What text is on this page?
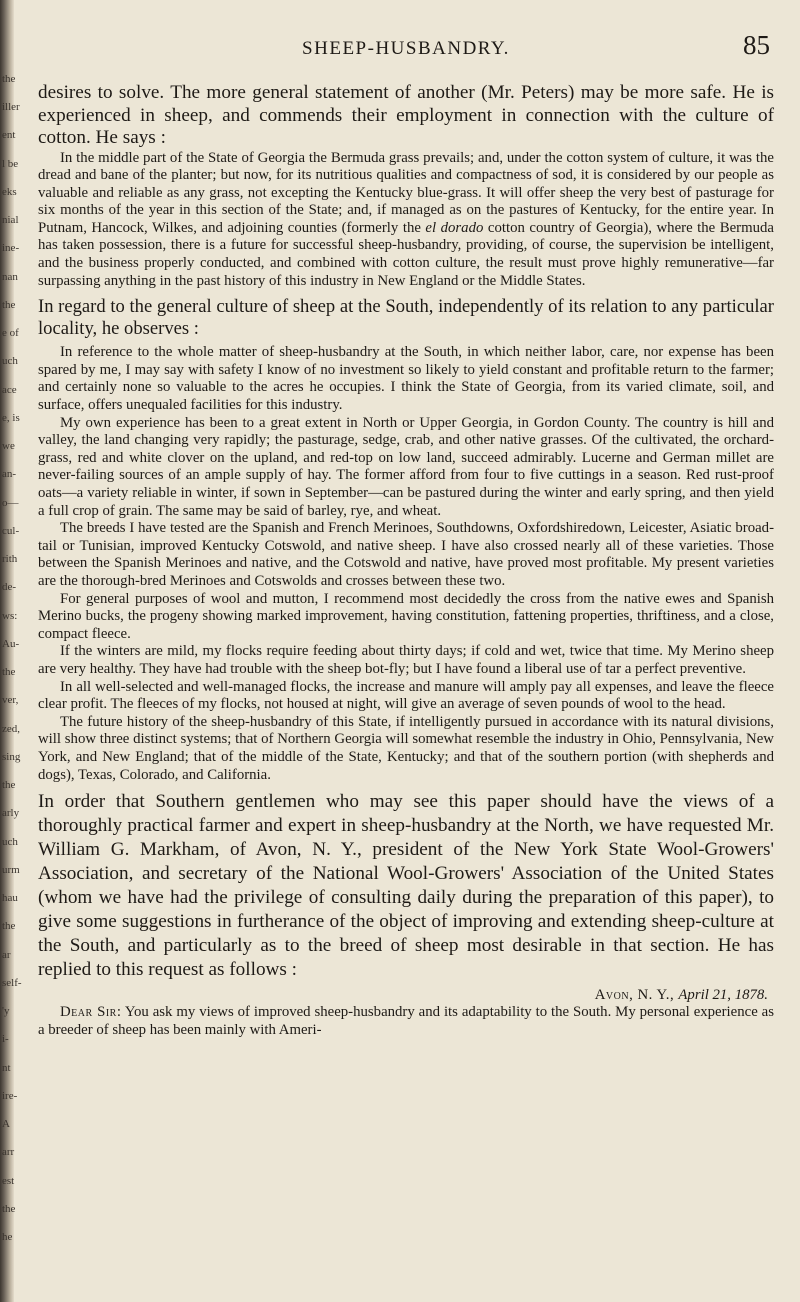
the
iller
ent
l be
eks
nial
ine-
nan
the
e of
uch
ace
e, is
we
an-
o—
cul-
rith
de-
ws:
Au-
the
ver,
zed,
sing
the
arly
uch
urm
hau
the
ar
self-
'y
i-
nt
ire-
A
arr
est
the
he
SHEEP-HUSBANDRY.	85

desires to solve. The more general statement of another (Mr. Peters) may be more safe. He is experienced in sheep, and commends their employment in connection with the culture of cotton. He says :

In the middle part of the State of Georgia the Bermuda grass prevails; and, under the cotton system of culture, it was the dread and bane of the planter; but now, for its nutritious qualities and compactness of sod, it is considered by our people as valuable and reliable as any grass, not excepting the Kentucky blue-grass. It will offer sheep the very best of pasturage for six months of the year in this section of the State; and, if managed as on the pastures of Kentucky, for the entire year. In Putnam, Hancock, Wilkes, and adjoining counties (formerly the el dorado cotton country of Georgia), where the Bermuda has taken possession, there is a future for successful sheep-husbandry, providing, of course, the supervision be intelligent, and the business properly conducted, and combined with cotton culture, the result must prove highly remunerative—far surpassing anything in the past history of this industry in New England or the Middle States.

In regard to the general culture of sheep at the South, independently of its relation to any particular locality, he observes :

In reference to the whole matter of sheep-husbandry at the South, in which neither labor, care, nor expense has been spared by me, I may say with safety I know of no investment so likely to yield constant and profitable return to the farmer; and certainly none so valuable to the acres he occupies. I think the State of Georgia, from its varied climate, soil, and surface, offers unequaled facilities for this industry.

My own experience has been to a great extent in North or Upper Georgia, in Gordon County. The country is hill and valley, the land changing very rapidly; the pasturage, sedge, crab, and other native grasses. Of the cultivated, the orchard-grass, red and white clover on the upland, and red-top on low land, succeed admirably. Lucerne and German millet are never-failing sources of an ample supply of hay. The former afford from four to five cuttings in a season. Red rust-proof oats—a variety reliable in winter, if sown in September—can be pastured during the winter and early spring, and then yield a full crop of grain. The same may be said of barley, rye, and wheat.

The breeds I have tested are the Spanish and French Merinoes, Southdowns, Oxfordshiredown, Leicester, Asiatic broad-tail or Tunisian, improved Kentucky Cotswold, and native sheep. I have also crossed nearly all of these varieties. Those between the Spanish Merinoes and native, and the Cotswold and native, have proved most profitable. My present varieties are the thorough-bred Merinoes and Cotswolds and crosses between these two.

For general purposes of wool and mutton, I recommend most decidedly the cross from the native ewes and Spanish Merino bucks, the progeny showing marked improvement, having constitution, fattening properties, thriftiness, and a close, compact fleece.

If the winters are mild, my flocks require feeding about thirty days; if cold and wet, twice that time. My Merino sheep are very healthy. They have had trouble with the sheep bot-fly; but I have found a liberal use of tar a perfect preventive.

In all well-selected and well-managed flocks, the increase and manure will amply pay all expenses, and leave the fleece clear profit. The fleeces of my flocks, not housed at night, will give an average of seven pounds of wool to the head.

The future history of the sheep-husbandry of this State, if intelligently pursued in accordance with its natural divisions, will show three distinct systems; that of Northern Georgia will somewhat resemble the industry in Ohio, Pennsylvania, New York, and New England; that of the middle of the State, Kentucky; and that of the southern portion (with shepherds and dogs), Texas, Colorado, and California.

In order that Southern gentlemen who may see this paper should have the views of a thoroughly practical farmer and expert in sheep-husbandry at the North, we have requested Mr. William G. Markham, of Avon, N. Y., president of the New York State Wool-Growers' Association, and secretary of the National Wool-Growers' Association of the United States (whom we have had the privilege of consulting daily during the preparation of this paper), to give some suggestions in furtherance of the object of improving and extending sheep-culture at the South, and particularly as to the breed of sheep most desirable in that section. He has replied to this request as follows :

Avon, N. Y., April 21, 1878.

Dear Sir: You ask my views of improved sheep-husbandry and its adaptability to the South. My personal experience as a breeder of sheep has been mainly with Ameri-
